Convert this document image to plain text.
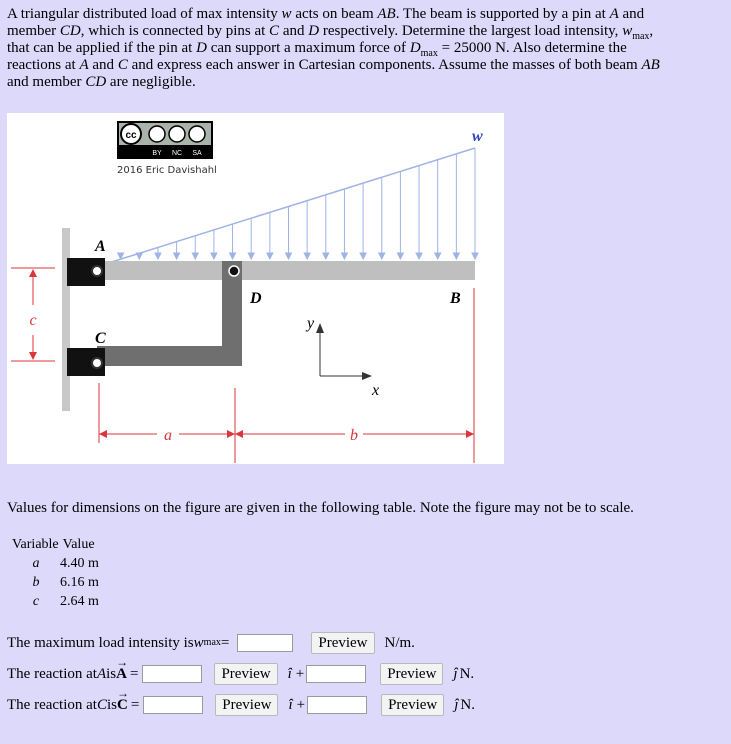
A triangular distributed load of max intensity w acts on beam AB. The beam is supported by a pin at A and
member CD, which is connected by pins at C and D respectively. Determine the largest load intensity, $w_{max}$,
that can be applied if the pin at D can support a maximum force of $D_{max} = 25000$ N. Also determine the
reactions at A and C and express each answer in Cartesian components. Assume the masses of both beam AB
and member CD are negligible.
cc
BY NC SA
2016 Eric Davishahl
c
w
A
B
C
D
y
x
a	b
Values for dimensions on the figure are given in the following table. Note the figure may not be to scale.
Variable Value
a	4.40 m
b	6.16 m
c	2.64 m
The maximum load intensity is w max =	Preview	N/m.
The reaction at A is → A =	Preview	î +	Preview	ĵ N.
The reaction at C is → C =	Preview	î +	Preview	ĵ N.
